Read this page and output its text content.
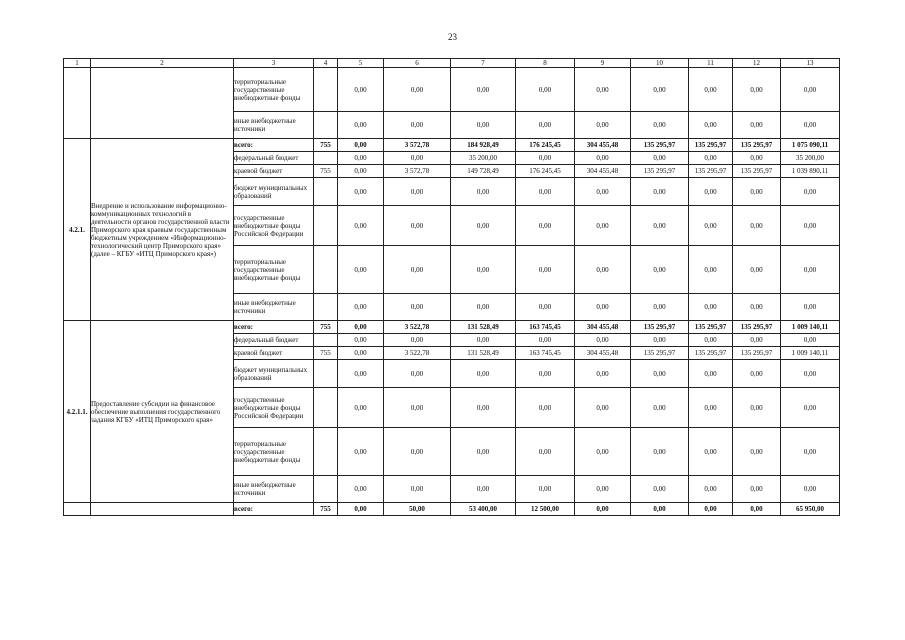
23
1	2	3	4	5	6	7	8	9	10	11	12	13
		территориальные государственные внебюджетные фонды		0,00	0,00	0,00	0,00	0,00	0,00	0,00	0,00	0,00
		иные внебюджетные источники		0,00	0,00	0,00	0,00	0,00	0,00	0,00	0,00	0,00
4.2.1.	Внедрение и использование информационно-коммуникационных технологий в деятельности органов государственной власти Приморского края краевым государственным бюджетным учреждением «Информационно-технологический центр Приморского края» (далее – КГБУ «ИТЦ Приморского края»)	всего:	755	0,00	3 572,78	184 928,49	176 245,45	304 455,48	135 295,97	135 295,97	135 295,97	1 075 090,11
		федеральный бюджет		0,00	0,00	35 200,00	0,00	0,00	0,00	0,00	0,00	35 200,00
		краевой бюджет	755	0,00	3 572,78	149 728,49	176 245,45	304 455,48	135 295,97	135 295,97	135 295,97	1 039 890,11
		бюджет муниципальных образований		0,00	0,00	0,00	0,00	0,00	0,00	0,00	0,00	0,00
		государственные внебюджетные фонды Российской Федерации		0,00	0,00	0,00	0,00	0,00	0,00	0,00	0,00	0,00
		территориальные государственные внебюджетные фонды		0,00	0,00	0,00	0,00	0,00	0,00	0,00	0,00	0,00
		иные внебюджетные источники		0,00	0,00	0,00	0,00	0,00	0,00	0,00	0,00	0,00
4.2.1.1.	Предоставление субсидии на финансовое обеспечение выполнения государственного задания КГБУ «ИТЦ Приморского края»	всего:	755	0,00	3 522,78	131 528,49	163 745,45	304 455,48	135 295,97	135 295,97	135 295,97	1 009 140,11
		федеральный бюджет		0,00	0,00	0,00	0,00	0,00	0,00	0,00	0,00	0,00
		краевой бюджет	755	0,00	3 522,78	131 528,49	163 745,45	304 455,48	135 295,97	135 295,97	135 295,97	1 009 140,11
		бюджет муниципальных образований		0,00	0,00	0,00	0,00	0,00	0,00	0,00	0,00	0,00
		государственные внебюджетные фонды Российской Федерации		0,00	0,00	0,00	0,00	0,00	0,00	0,00	0,00	0,00
		территориальные государственные внебюджетные фонды		0,00	0,00	0,00	0,00	0,00	0,00	0,00	0,00	0,00
		иные внебюджетные источники		0,00	0,00	0,00	0,00	0,00	0,00	0,00	0,00	0,00
		всего:	755	0,00	50,00	53 400,00	12 500,00	0,00	0,00	0,00	0,00	65 950,00
